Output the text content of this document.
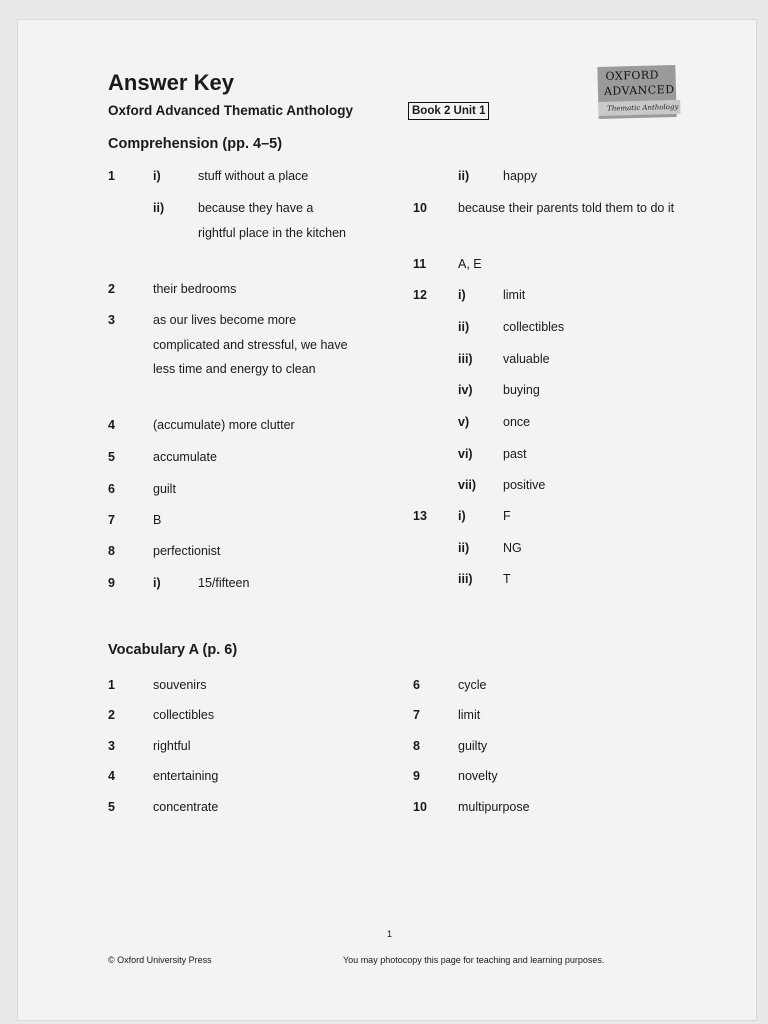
Answer Key
Oxford Advanced Thematic Anthology	Book 2 Unit 1
OXFORD
ADVANCED
Thematic Anthology
Comprehension (pp. 4–5)
1	i)	stuff without a place
ii)	because they have a rightful place in the kitchen
2	their bedrooms
3	as our lives become more complicated and stressful, we have less time and energy to clean
4	(accumulate) more clutter
5	accumulate
6	guilt
7	B
8	perfectionist
9	i)	15/fifteen
ii)	happy
10 because their parents told them to do it
11	A, E
12 i)	limit
ii)	collectibles
iii) valuable
iv) buying
v)	once
vi) past
vii) positive
13 i)	F
ii)	NG
iii) T
Vocabulary A (p. 6)
1	souvenirs
2	collectibles
3	rightful
4	entertaining
5	concentrate
6	cycle
7	limit
8	guilty
9	novelty
10 multipurpose
1
© Oxford University Press	You may photocopy this page for teaching and learning purposes.
